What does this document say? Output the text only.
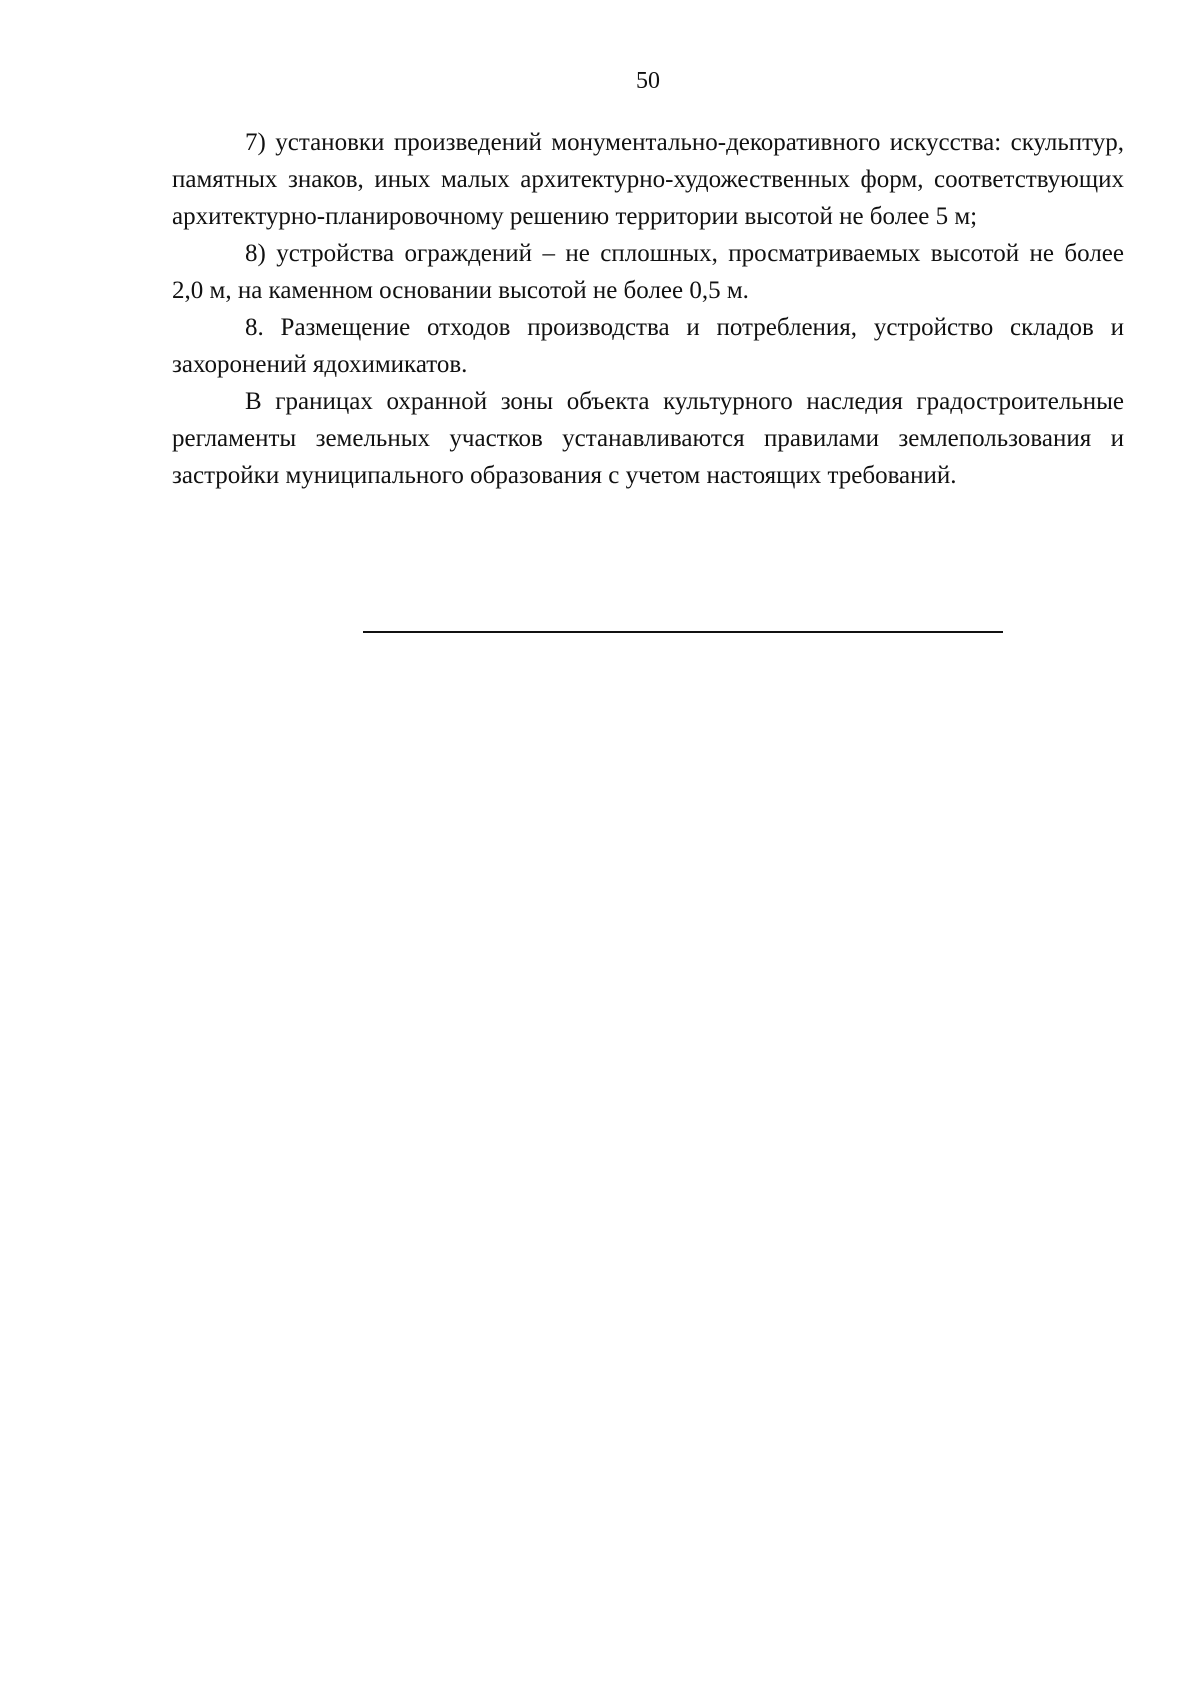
50

7) установки произведений монументально-декоративного искусства: скульптур, памятных знаков, иных малых архитектурно-художественных форм, соответствующих архитектурно-планировочному решению территории высотой не более 5 м;

8) устройства ограждений – не сплошных, просматриваемых высотой не более 2,0 м, на каменном основании высотой не более 0,5 м.

8. Размещение отходов производства и потребления, устройство складов и захоронений ядохимикатов.

В границах охранной зоны объекта культурного наследия градостроительные регламенты земельных участков устанавливаются правилами землепользования и застройки муниципального образования с учетом настоящих требований.
